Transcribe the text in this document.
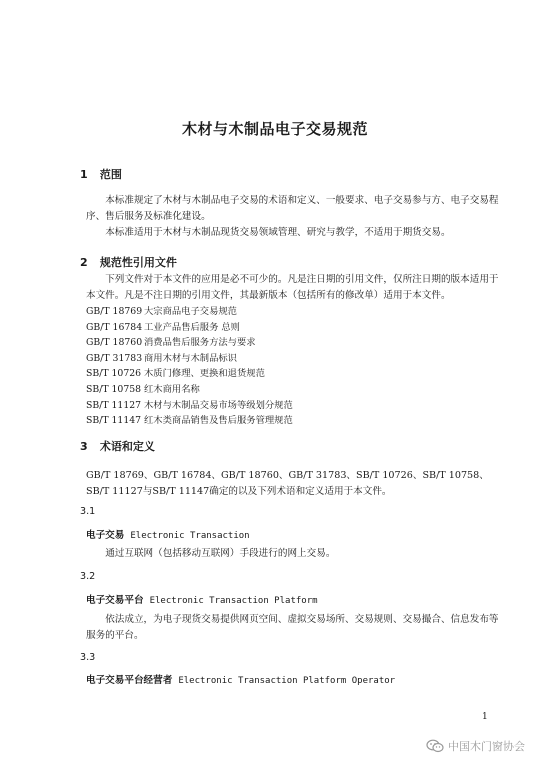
木材与木制品电子交易规范
1 范围
本标准规定了木材与木制品电子交易的术语和定义、一般要求、电子交易参与方、电子交易程序、售后服务及标准化建设。
本标准适用于木材与木制品现货交易领域管理、研究与教学，不适用于期货交易。
2 规范性引用文件
下列文件对于本文件的应用是必不可少的。凡是注日期的引用文件，仅所注日期的版本适用于本文件。凡是不注日期的引用文件，其最新版本（包括所有的修改单）适用于本文件。
GB/T 18769 大宗商品电子交易规范
GB/T 16784 工业产品售后服务 总则
GB/T 18760 消费品售后服务方法与要求
GB/T 31783 商用木材与木制品标识
SB/T 10726 木质门修理、更换和退货规范
SB/T 10758 红木商用名称
SB/T 11127 木材与木制品交易市场等级划分规范
SB/T 11147 红木类商品销售及售后服务管理规范
3 术语和定义
GB/T 18769、GB/T 16784、GB/T 18760、GB/T 31783、SB/T 10726、SB/T 10758、SB/T 11127与SB/T 11147确定的以及下列术语和定义适用于本文件。
3.1
电子交易 Electronic Transaction
通过互联网（包括移动互联网）手段进行的网上交易。
3.2
电子交易平台 Electronic Transaction Platform
依法成立，为电子现货交易提供网页空间、虚拟交易场所、交易规则、交易撮合、信息发布等服务的平台。
3.3
电子交易平台经营者 Electronic Transaction Platform Operator
1
中国木门窗协会
